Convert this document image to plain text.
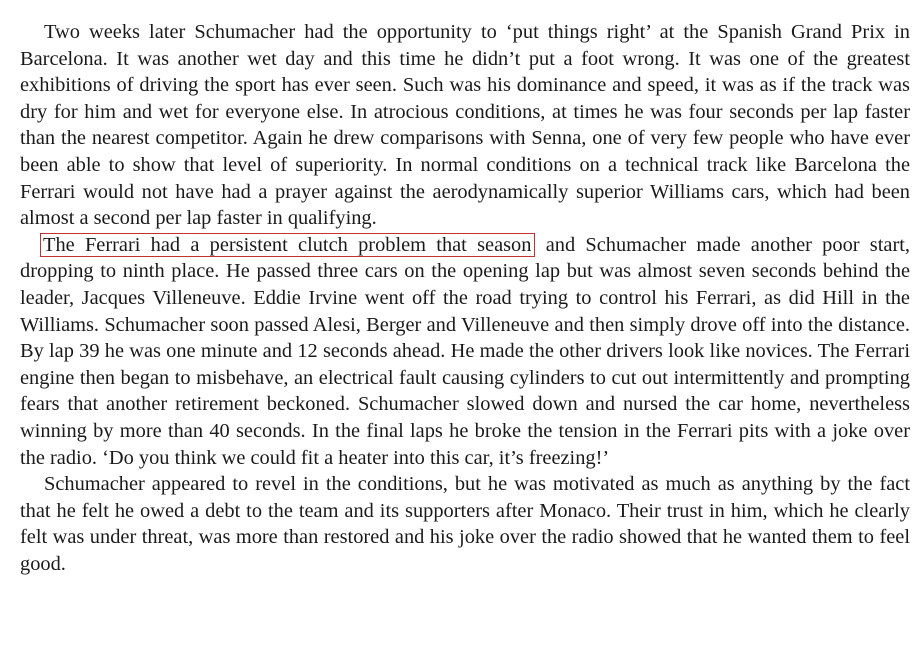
Two weeks later Schumacher had the opportunity to ‘put things right’ at the Spanish Grand Prix in Barcelona. It was another wet day and this time he didn’t put a foot wrong. It was one of the greatest exhibitions of driving the sport has ever seen. Such was his dominance and speed, it was as if the track was dry for him and wet for everyone else. In atrocious conditions, at times he was four seconds per lap faster than the nearest competitor. Again he drew comparisons with Senna, one of very few people who have ever been able to show that level of superiority. In normal conditions on a technical track like Barcelona the Ferrari would not have had a prayer against the aerodynamically superior Williams cars, which had been almost a second per lap faster in qualifying.

The Ferrari had a persistent clutch problem that season and Schumacher made another poor start, dropping to ninth place. He passed three cars on the opening lap but was almost seven seconds behind the leader, Jacques Villeneuve. Eddie Irvine went off the road trying to control his Ferrari, as did Hill in the Williams. Schumacher soon passed Alesi, Berger and Villeneuve and then simply drove off into the distance. By lap 39 he was one minute and 12 seconds ahead. He made the other drivers look like novices. The Ferrari engine then began to misbehave, an electrical fault causing cylinders to cut out intermittently and prompting fears that another retirement beckoned. Schumacher slowed down and nursed the car home, nevertheless winning by more than 40 seconds. In the final laps he broke the tension in the Ferrari pits with a joke over the radio. ‘Do you think we could fit a heater into this car, it’s freezing!’

Schumacher appeared to revel in the conditions, but he was motivated as much as anything by the fact that he felt he owed a debt to the team and its supporters after Monaco. Their trust in him, which he clearly felt was under threat, was more than restored and his joke over the radio showed that he wanted them to feel good.
